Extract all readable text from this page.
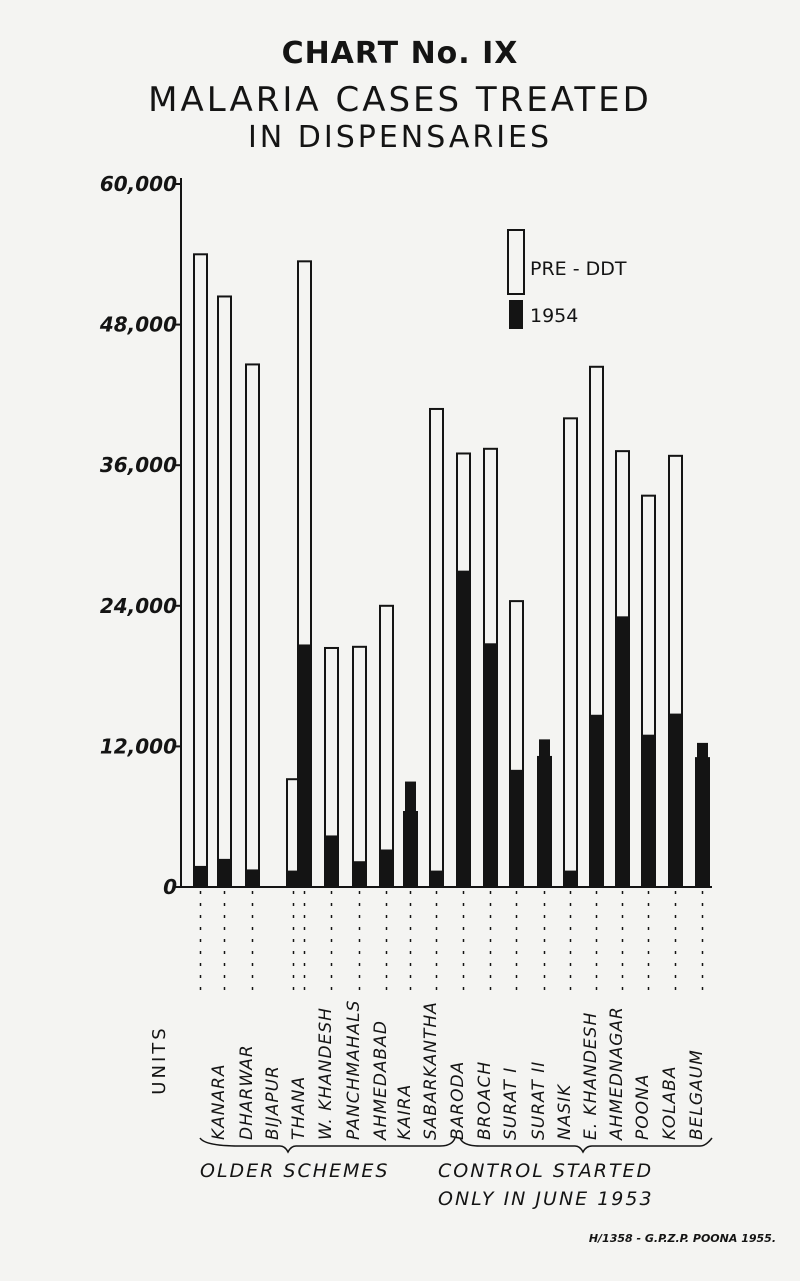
CHART No. IX
MALARIA CASES TREATED
IN DISPENSARIES
0
12,000
24,000
36,000
48,000
60,000
UNITS
KANARA DHARWAR BIJAPUR THANA W. KHANDESH PANCHMAHALS AHMEDABAD KAIRA SABARKANTHA BARODA BROACH SURAT I SURAT II NASIK E. KHANDESH AHMEDNAGAR POONA KOLABA BELGAUM
PRE - DDT
1954
OLDER SCHEMES	CONTROL STARTED
ONLY IN JUNE 1953
H/1358 - G.P.Z.P. POONA 1955.
